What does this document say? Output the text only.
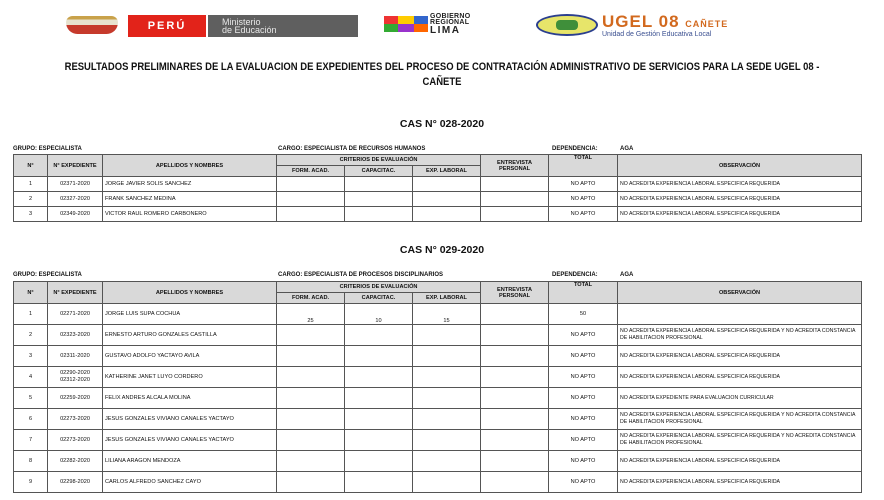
PERÚ	Ministerio
de Educación
GOBIERNO
REGIONAL
LIMA	UGEL 08 CAÑETE
Unidad de Gestión Educativa Local
RESULTADOS PRELIMINARES DE LA EVALUACION DE EXPEDIENTES DEL PROCESO DE CONTRATACIÓN ADMINISTRATIVO DE SERVICIOS PARA LA SEDE UGEL 08 -
CAÑETE
CAS N° 028-2020
GRUPO: ESPECIALISTA	CARGO: ESPECIALISTA DE RECURSOS HUMANOS	DEPENDENCIA:	AGA
N°	N° EXPEDIENTE	APELLIDOS Y NOMBRES	CRITERIOS DE EVALUACIÓN			ENTREVISTA
PERSONAL	TOTAL	OBSERVACIÓN
			FORM. ACAD.	CAPACITAC.	EXP. LABORAL			
1	02371-2020	JORGE JAVIER SOLIS SANCHEZ					NO APTO	NO ACREDITA EXPERIENCIA LABORAL ESPECIFICA REQUERIDA
2	02327-2020	FRANK SANCHEZ MEDINA					NO APTO	NO ACREDITA EXPERIENCIA LABORAL ESPECIFICA REQUERIDA
3	02349-2020	VICTOR RAUL ROMERO CARBONERO					NO APTO	NO ACREDITA EXPERIENCIA LABORAL ESPECIFICA REQUERIDA
CAS N° 029-2020
GRUPO: ESPECIALISTA	CARGO: ESPECIALISTA DE PROCESOS DISCIPLINARIOS	DEPENDENCIA:	AGA
N°	N° EXPEDIENTE	APELLIDOS Y NOMBRES	CRITERIOS DE EVALUACIÓN			ENTREVISTA
PERSONAL	TOTAL	OBSERVACIÓN
			FORM. ACAD.	CAPACITAC.	EXP. LABORAL			
1	02271-2020	JORGE LUIS SUPA COCHUA	25	10	15		50	
2	02323-2020	ERNESTO ARTURO GONZALES CASTILLA					NO APTO	NO ACREDITA EXPERIENCIA LABORAL ESPECIFICA REQUERIDA Y NO ACREDITA CONSTANCIA DE HABILITACION PROFESIONAL
3	02311-2020	GUSTAVO ADOLFO YACTAYO AVILA					NO APTO	NO ACREDITA EXPERIENCIA LABORAL ESPECIFICA REQUERIDA
4	02290-2020
02312-2020	KATHERINE JANET LUYO CORDERO					NO APTO	NO ACREDITA EXPERIENCIA LABORAL ESPECIFICA REQUERIDA
5	02259-2020	FELIX ANDRES ALCALA MOLINA					NO APTO	NO ACREDITA EXPEDIENTE PARA EVALUACION CURRICULAR
6	02273-2020	JESUS GONZALES VIVIANO CANALES YACTAYO					NO APTO	NO ACREDITA EXPERIENCIA LABORAL ESPECIFICA REQUERIDA Y NO ACREDITA CONSTANCIA DE HABILITACION PROFESIONAL
7	02273-2020	JESUS GONZALES VIVIANO CANALES YACTAYO					NO APTO	NO ACREDITA EXPERIENCIA LABORAL ESPECIFICA REQUERIDA Y NO ACREDITA CONSTANCIA DE HABILITACION PROFESIONAL
8	02282-2020	LILIANA ARAGON MENDOZA					NO APTO	NO ACREDITA EXPERIENCIA LABORAL ESPECIFICA REQUERIDA
9	02298-2020	CARLOS ALFREDO SANCHEZ CAYO					NO APTO	NO ACREDITA EXPERIENCIA LABORAL ESPECIFICA REQUERIDA
